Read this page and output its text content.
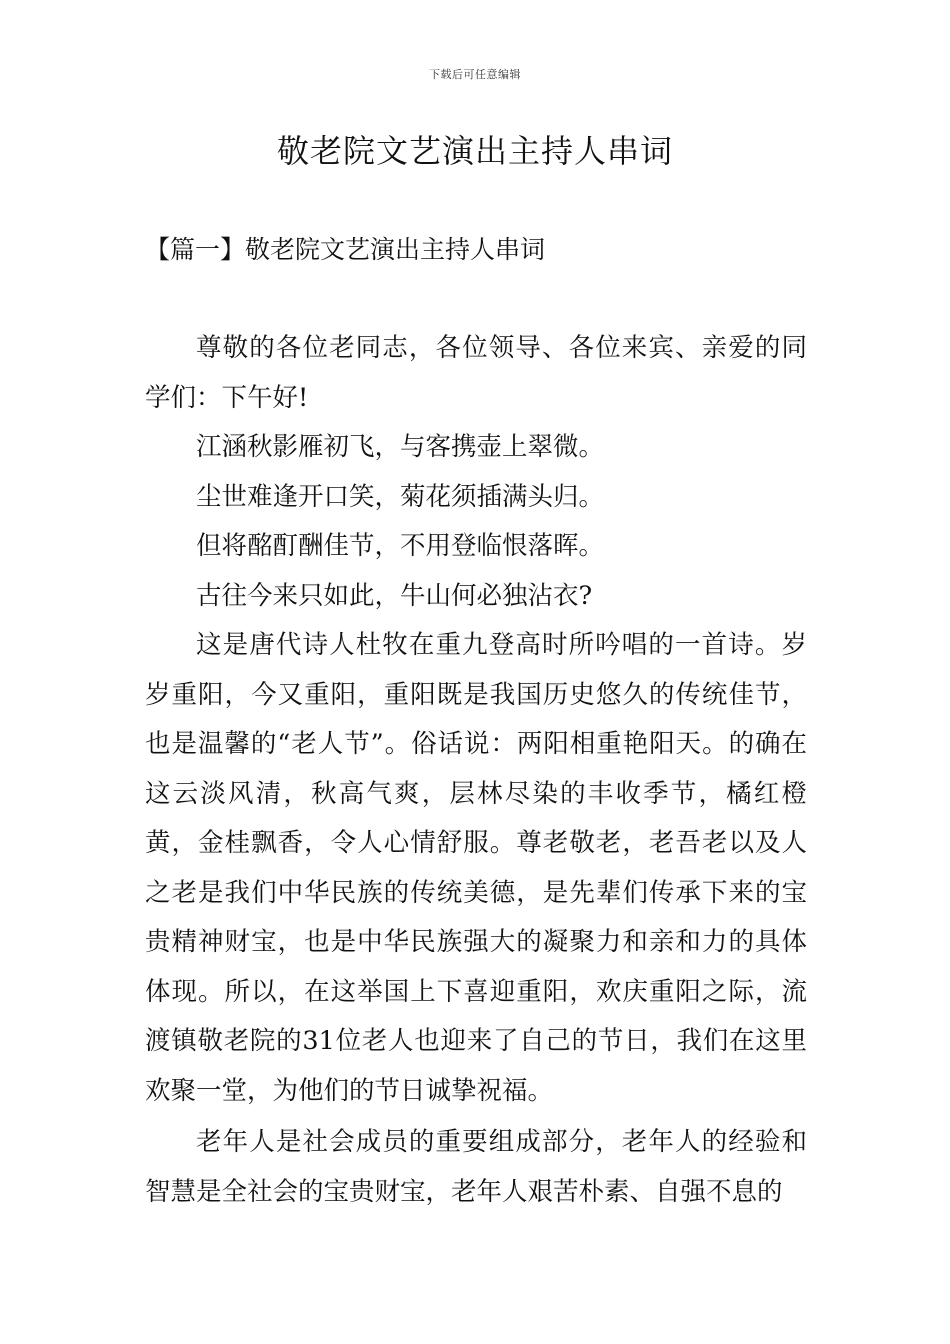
下载后可任意编辑
敬老院文艺演出主持人串词
【篇一】敬老院文艺演出主持人串词

尊敬的各位老同志，各位领导、各位来宾、亲爱的同学们：下午好!

江涵秋影雁初飞，与客携壶上翠微。

尘世难逢开口笑，菊花须插满头归。

但将酩酊酬佳节，不用登临恨落晖。

古往今来只如此，牛山何必独沾衣?

这是唐代诗人杜牧在重九登高时所吟唱的一首诗。岁岁重阳，今又重阳，重阳既是我国历史悠久的传统佳节，也是温馨的“老人节”。俗话说：两阳相重艳阳天。的确在这云淡风清，秋高气爽，层林尽染的丰收季节，橘红橙黄，金桂飘香，令人心情舒服。尊老敬老，老吾老以及人之老是我们中华民族的传统美德，是先辈们传承下来的宝贵精神财宝，也是中华民族强大的凝聚力和亲和力的具体体现。所以，在这举国上下喜迎重阳，欢庆重阳之际，流渡镇敬老院的31位老人也迎来了自己的节日，我们在这里欢聚一堂，为他们的节日诚挚祝福。

老年人是社会成员的重要组成部分，老年人的经验和智慧是全社会的宝贵财宝，老年人艰苦朴素、自强不息的
